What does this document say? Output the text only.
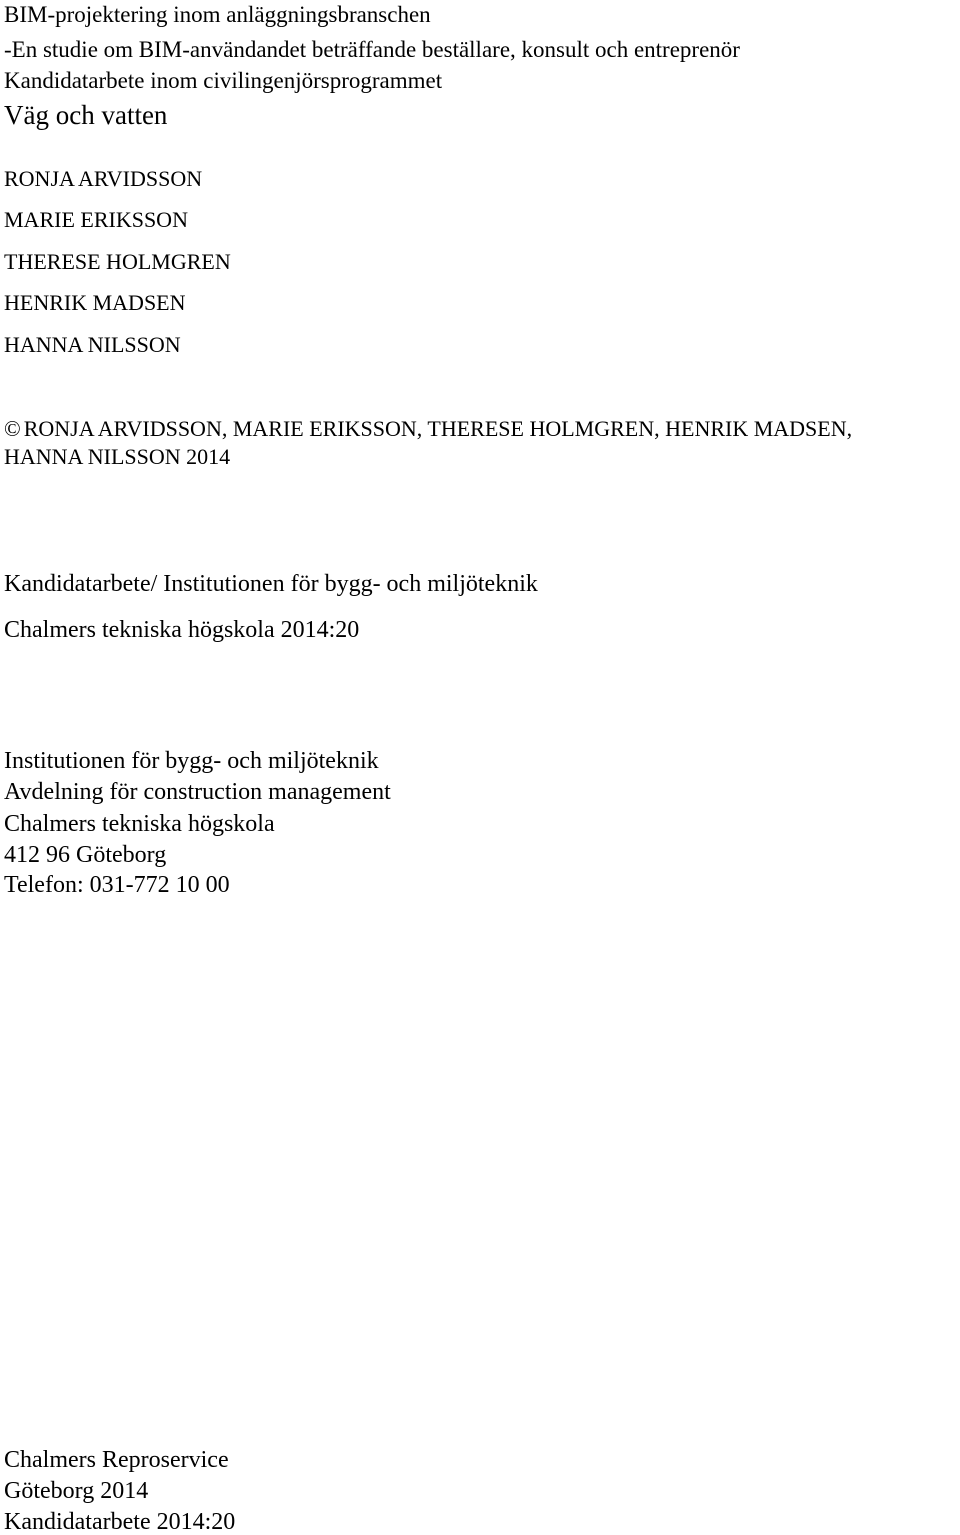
BIM-projektering inom anläggningsbranschen

-En studie om BIM-användandet beträffande beställare, konsult och entreprenör

Kandidatarbete inom civilingenjörsprogrammet

Väg och vatten

RONJA ARVIDSSON

MARIE ERIKSSON

THERESE HOLMGREN

HENRIK MADSEN

HANNA NILSSON

© RONJA ARVIDSSON, MARIE ERIKSSON, THERESE HOLMGREN, HENRIK MADSEN,

HANNA NILSSON 2014

Kandidatarbete/ Institutionen för bygg- och miljöteknik

Chalmers tekniska högskola 2014:20

Institutionen för bygg- och miljöteknik

Avdelning för construction management

Chalmers tekniska högskola

412 96 Göteborg

Telefon: 031-772 10 00

Chalmers Reproservice

Göteborg 2014

Kandidatarbete 2014:20
